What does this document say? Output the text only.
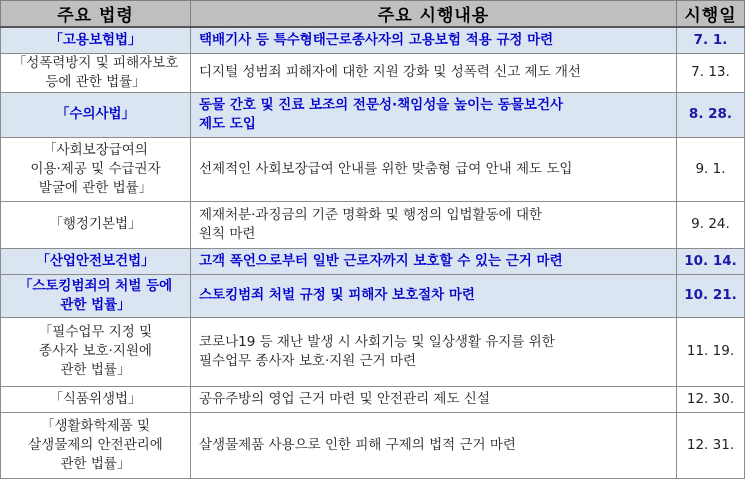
주요 법령	주요 시행내용	시행일

「고용보험법」	택배기사 등 특수형태근로종사자의 고용보험 적용 규정 마련	7. 1.

「성폭력방지 및 피해자보호
등에 관한 법률」	디지털 성범죄 피해자에 대한 지원 강화 및 성폭력 신고 제도 개선	7. 13.

「수의사법」	동물 간호 및 진료 보조의 전문성·책임성을 높이는 동물보건사
제도 도입	8. 28.

「사회보장급여의
이용·제공 및 수급권자
발굴에 관한 법률」	선제적인 사회보장급여 안내를 위한 맞춤형 급여 안내 제도 도입	9. 1.

「행정기본법」	제재처분·과징금의 기준 명확화 및 행정의 입법활동에 대한
원칙 마련	9. 24.

「산업안전보건법」	고객 폭언으로부터 일반 근로자까지 보호할 수 있는 근거 마련	10. 14.

「스토킹범죄의 처벌 등에
관한 법률」	스토킹범죄 처벌 규정 및 피해자 보호절차 마련	10. 21.

「필수업무 지정 및
종사자 보호·지원에
관한 법률」	코로나19 등 재난 발생 시 사회기능 및 일상생활 유지를 위한
필수업무 종사자 보호·지원 근거 마련	11. 19.

「식품위생법」	공유주방의 영업 근거 마련 및 안전관리 제도 신설	12. 30.

「생활화학제품 및
살생물제의 안전관리에
관한 법률」	살생물제품 사용으로 인한 피해 구제의 법적 근거 마련	12. 31.
